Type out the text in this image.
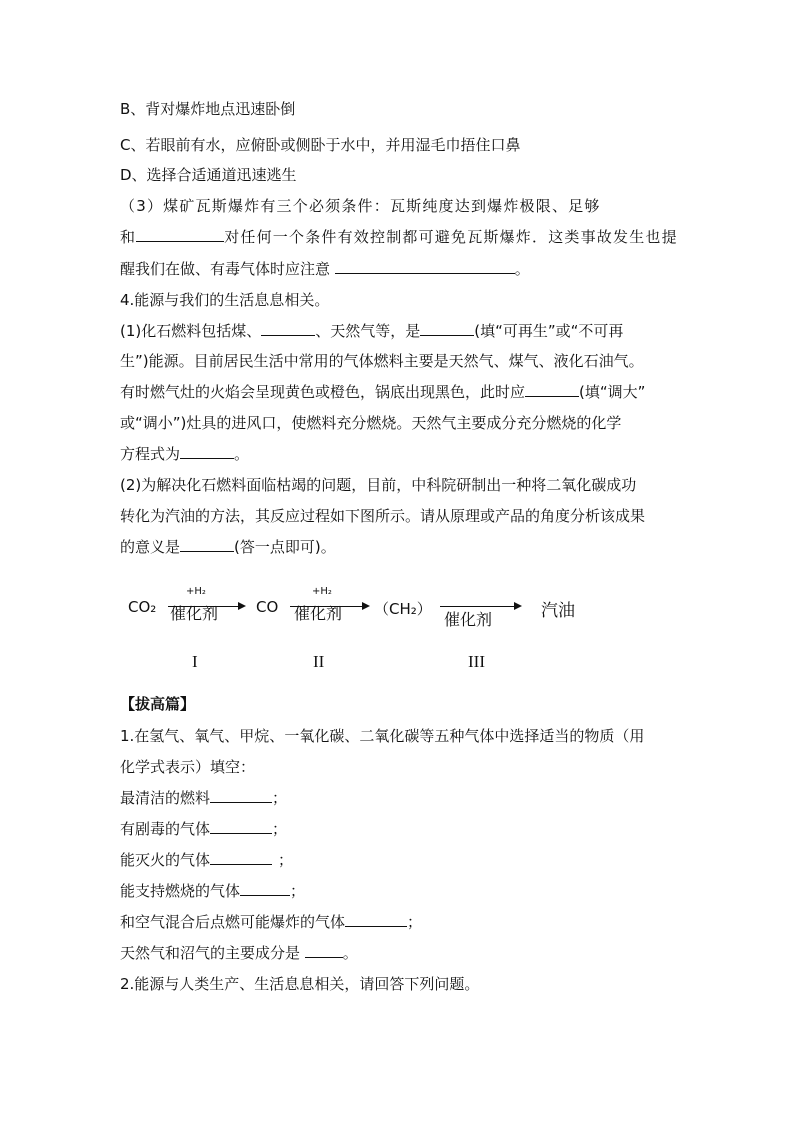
B、背对爆炸地点迅速卧倒
C、若眼前有水，应俯卧或侧卧于水中，并用湿毛巾捂住口鼻
D、选择合适通道迅速逃生
（3）煤矿瓦斯爆炸有三个必须条件：瓦斯纯度达到爆炸极限、足够
和	对任何一个条件有效控制都可避免瓦斯爆炸．这类事故发生也提
醒我们在做、有毒气体时应注意	。
4.能源与我们的生活息息相关。
(1)化石燃料包括煤、	、天然气等，是	(填“可再生”或“不可再
生”)能源。目前居民生活中常用的气体燃料主要是天然气、煤气、液化石油气。
有时燃气灶的火焰会呈现黄色或橙色，锅底出现黑色，此时应	(填“调大”
或“调小”)灶具的进风口，使燃料充分燃烧。天然气主要成分充分燃烧的化学
方程式为	。
(2)为解决化石燃料面临枯竭的问题，目前，中科院研制出一种将二氧化碳成功
转化为汽油的方法，其反应过程如下图所示。请从原理或产品的角度分析该成果
的意义是	(答一点即可)。
CO₂
+H₂
催化剂	CO
+H₂
催化剂 （CH₂）
催化剂	汽油
I	II	III
【拔高篇】
1.在氢气、氧气、甲烷、一氧化碳、二氧化碳等五种气体中选择适当的物质（用
化学式表示）填空：
最清洁的燃料	；
有剧毒的气体	；
能灭火的气体	；
能支持燃烧的气体	；
和空气混合后点燃可能爆炸的气体	；
天然气和沼气的主要成分是	。
2.能源与人类生产、生活息息相关，请回答下列问题。
